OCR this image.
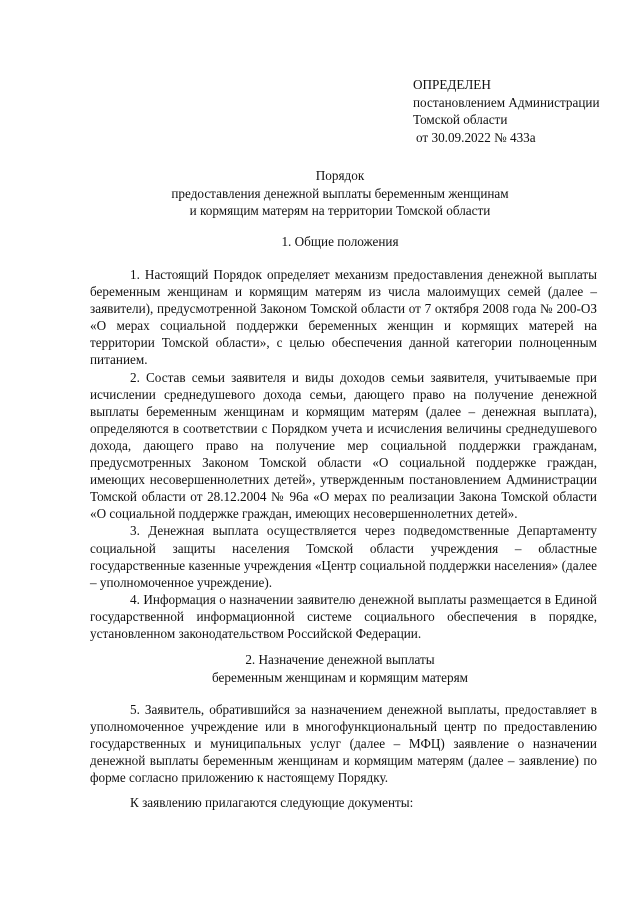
ОПРЕДЕЛЕН
постановлением Администрации
Томской области
от 30.09.2022 № 433а
Порядок
предоставления денежной выплаты беременным женщинам
и кормящим матерям на территории Томской области
1. Общие положения

1. Настоящий Порядок определяет механизм предоставления денежной выплаты беременным женщинам и кормящим матерям из числа малоимущих семей (далее – заявители), предусмотренной Законом Томской области от 7 октября 2008 года № 200-ОЗ «О мерах социальной поддержки беременных женщин и кормящих матерей на территории Томской области», с целью обеспечения данной категории полноценным питанием.

2. Состав семьи заявителя и виды доходов семьи заявителя, учитываемые при исчислении среднедушевого дохода семьи, дающего право на получение денежной выплаты беременным женщинам и кормящим матерям (далее – денежная выплата), определяются в соответствии с Порядком учета и исчисления величины среднедушевого дохода, дающего право на получение мер социальной поддержки гражданам, предусмотренных Законом Томской области «О социальной поддержке граждан, имеющих несовершеннолетних детей», утвержденным постановлением Администрации Томской области от 28.12.2004 № 96а «О мерах по реализации Закона Томской области «О социальной поддержке граждан, имеющих несовершеннолетних детей».

3. Денежная выплата осуществляется через подведомственные Департаменту социальной защиты населения Томской области учреждения – областные государственные казенные учреждения «Центр социальной поддержки населения» (далее – уполномоченное учреждение).

4. Информация о назначении заявителю денежной выплаты размещается в Единой государственной информационной системе социального обеспечения в порядке, установленном законодательством Российской Федерации.

2. Назначение денежной выплаты
беременным женщинам и кормящим матерям

5. Заявитель, обратившийся за назначением денежной выплаты, предоставляет в уполномоченное учреждение или в многофункциональный центр по предоставлению государственных и муниципальных услуг (далее – МФЦ) заявление о назначении денежной выплаты беременным женщинам и кормящим матерям (далее – заявление) по форме согласно приложению к настоящему Порядку.

К заявлению прилагаются следующие документы:
